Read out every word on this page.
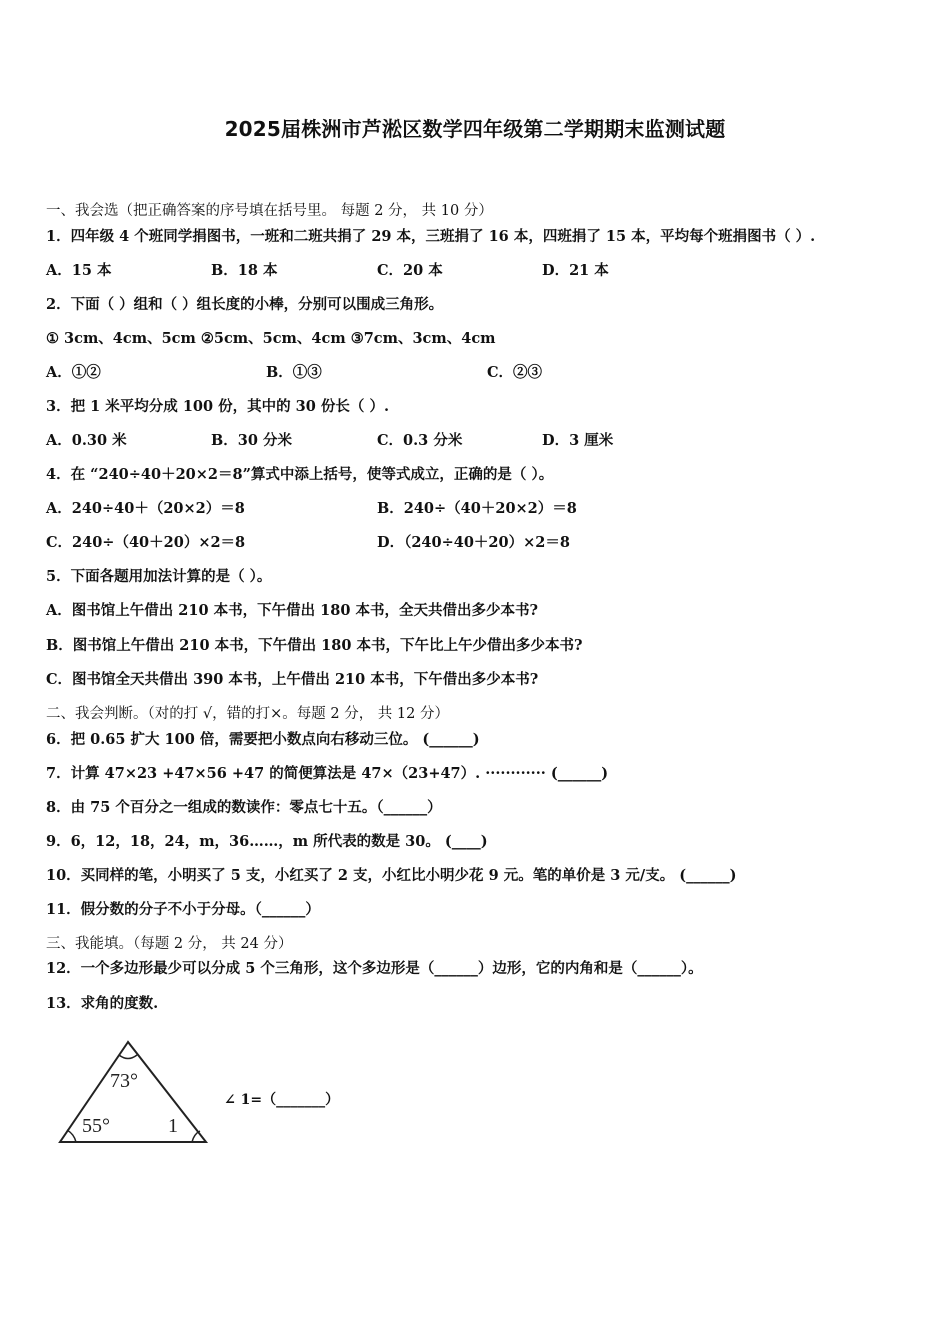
2025届株洲市芦淞区数学四年级第二学期期末监测试题
一、我会选（把正确答案的序号填在括号里。 每题 2 分， 共 10 分）
1．四年级 4 个班同学捐图书，一班和二班共捐了 29 本，三班捐了 16 本，四班捐了 15 本，平均每个班捐图书（ ）.
A．15 本	B．18 本	C．20 本	D．21 本
2．下面（ ）组和（ ）组长度的小棒，分别可以围成三角形。
① 3cm、4cm、5cm ②5cm、5cm、4cm ③7cm、3cm、4cm
A．①②	B．①③	C．②③
3．把 1 米平均分成 100 份，其中的 30 份长（ ）.
A．0.30 米	B．30 分米	C．0.3 分米	D．3 厘米
4．在 “240÷40＋20×2＝8”算式中添上括号，使等式成立，正确的是（ ）。
A．240÷40＋（20×2）＝8	B．240÷（40＋20×2）＝8
C．240÷（40＋20）×2＝8	D．（240÷40＋20）×2＝8
5．下面各题用加法计算的是（ ）。
A．图书馆上午借出 210 本书，下午借出 180 本书，全天共借出多少本书?
B．图书馆上午借出 210 本书，下午借出 180 本书，下午比上午少借出多少本书?
C．图书馆全天共借出 390 本书，上午借出 210 本书，下午借出多少本书?
二、我会判断。（对的打 √，错的打×。每题 2 分， 共 12 分）
6．把 0.65 扩大 100 倍，需要把小数点向右移动三位。 (______)
7．计算 47×23 +47×56 +47 的简便算法是 47×（23+47）. ············ (______)
8．由 75 个百分之一组成的数读作：零点七十五。（______）
9．6，12，18，24，m，36……，m 所代表的数是 30。 (____)
10．买同样的笔，小明买了 5 支，小红买了 2 支，小红比小明少花 9 元。笔的单价是 3 元/支。 (______)
11．假分数的分子不小于分母。（______）
三、我能填。（每题 2 分， 共 24 分）
12．一个多边形最少可以分成 5 个三角形，这个多边形是（______）边形，它的内角和是（______）。
13．求角的度数.
73°
55°	1
∠ 1=（_______）
